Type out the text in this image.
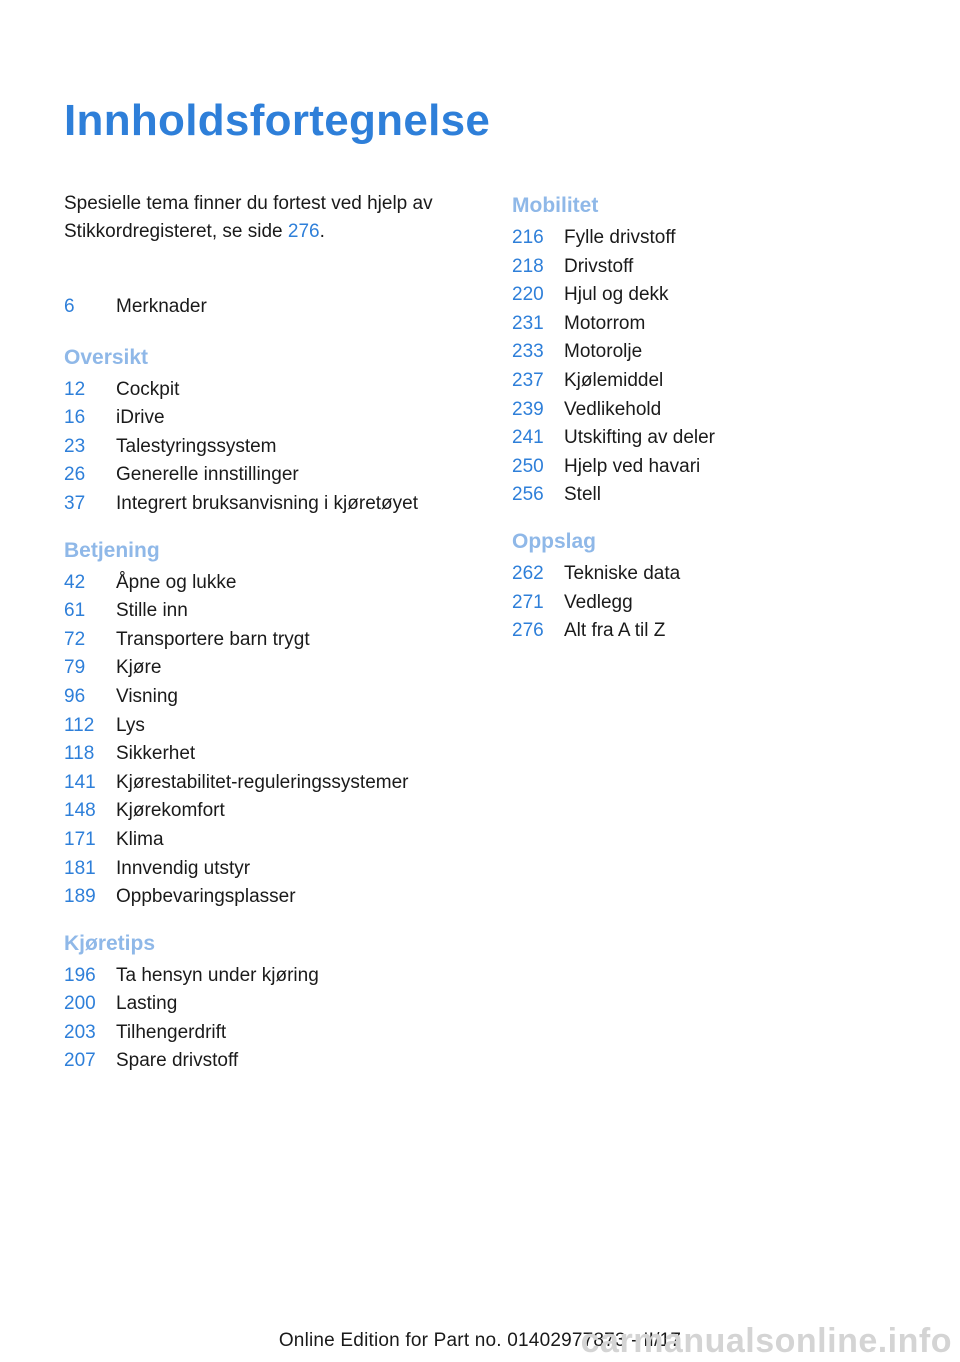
Innholdsfortegnelse

Spesielle tema finner du fortest ved hjelp av Stikkordregisteret, se side 276.

6	Merknader
Oversikt
12	Cockpit
16	iDrive
23	Talestyringssystem
26	Generelle innstillinger
37	Integrert bruksanvisning i kjøretøyet
Betjening
42	Åpne og lukke
61	Stille inn
72	Transportere barn trygt
79	Kjøre
96	Visning
112	Lys
118	Sikkerhet
141	Kjørestabilitet-reguleringssystemer
148	Kjørekomfort
171	Klima
181	Innvendig utstyr
189	Oppbevaringsplasser
Kjøretips
196	Ta hensyn under kjøring
200	Lasting
203	Tilhengerdrift
207	Spare drivstoff
Mobilitet
216	Fylle drivstoff
218	Drivstoff
220	Hjul og dekk
231	Motorrom
233	Motorolje
237	Kjølemiddel
239	Vedlikehold
241	Utskifting av deler
250	Hjelp ved havari
256	Stell
Oppslag
262	Tekniske data
271	Vedlegg
276	Alt fra A til Z
Online Edition for Part no. 01402977873 - II/17
carmanualsonline.info
